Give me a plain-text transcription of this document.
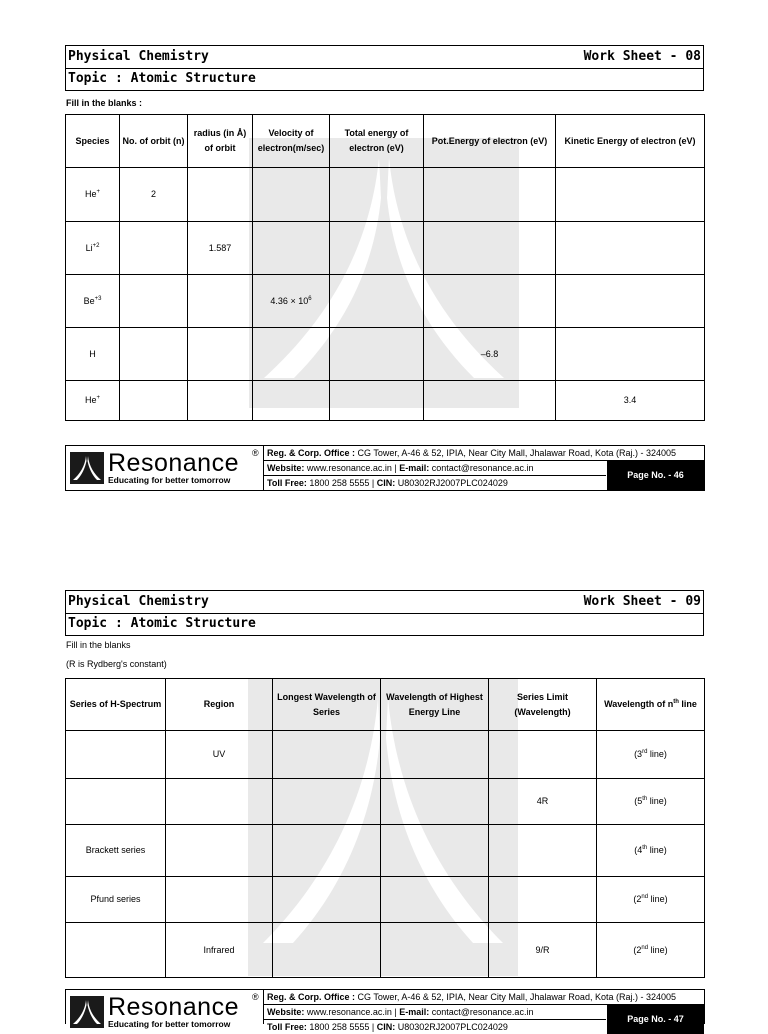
Physical Chemistry	Work Sheet - 08
Topic : Atomic Structure
Fill in the blanks :
Species	No. of orbit (n)	radius (in Å) of orbit	Velocity of electron(m/sec)	Total energy of electron (eV)	Pot.Energy of electron (eV)	Kinetic Energy of electron (eV)
He+	2					
$Li^{+2}$		1.587				
$Be^{+3}$			$4.36 \times 10^6$			
H					–6.8	
He+						3.4
Resonance ®
Educating for better tomorrow
Reg. & Corp. Office : CG Tower, A-46 & 52, IPIA, Near City Mall, Jhalawar Road, Kota (Raj.) - 324005
Website: www.resonance.ac.in | E-mail: contact@resonance.ac.in
Toll Free: 1800 258 5555 | CIN: U80302RJ2007PLC024029
Page No. - 46
Physical Chemistry	Work Sheet - 09
Topic : Atomic Structure
Fill in the blanks
(R is Rydberg's constant)
Series of H-Spectrum	Region	Longest Wavelength of Series	Wavelength of Highest Energy Line	Series Limit (Wavelength)	Wavelength of $n^{th}$ line
	UV				(3rd line)
				4R	(5th line)
Brackett series					(4th line)
Pfund series					(2nd line)
	Infrared			9/R	(2nd line)
Resonance ®
Educating for better tomorrow
Reg. & Corp. Office : CG Tower, A-46 & 52, IPIA, Near City Mall, Jhalawar Road, Kota (Raj.) - 324005
Website: www.resonance.ac.in | E-mail: contact@resonance.ac.in
Toll Free: 1800 258 5555 | CIN: U80302RJ2007PLC024029
Page No. - 47
